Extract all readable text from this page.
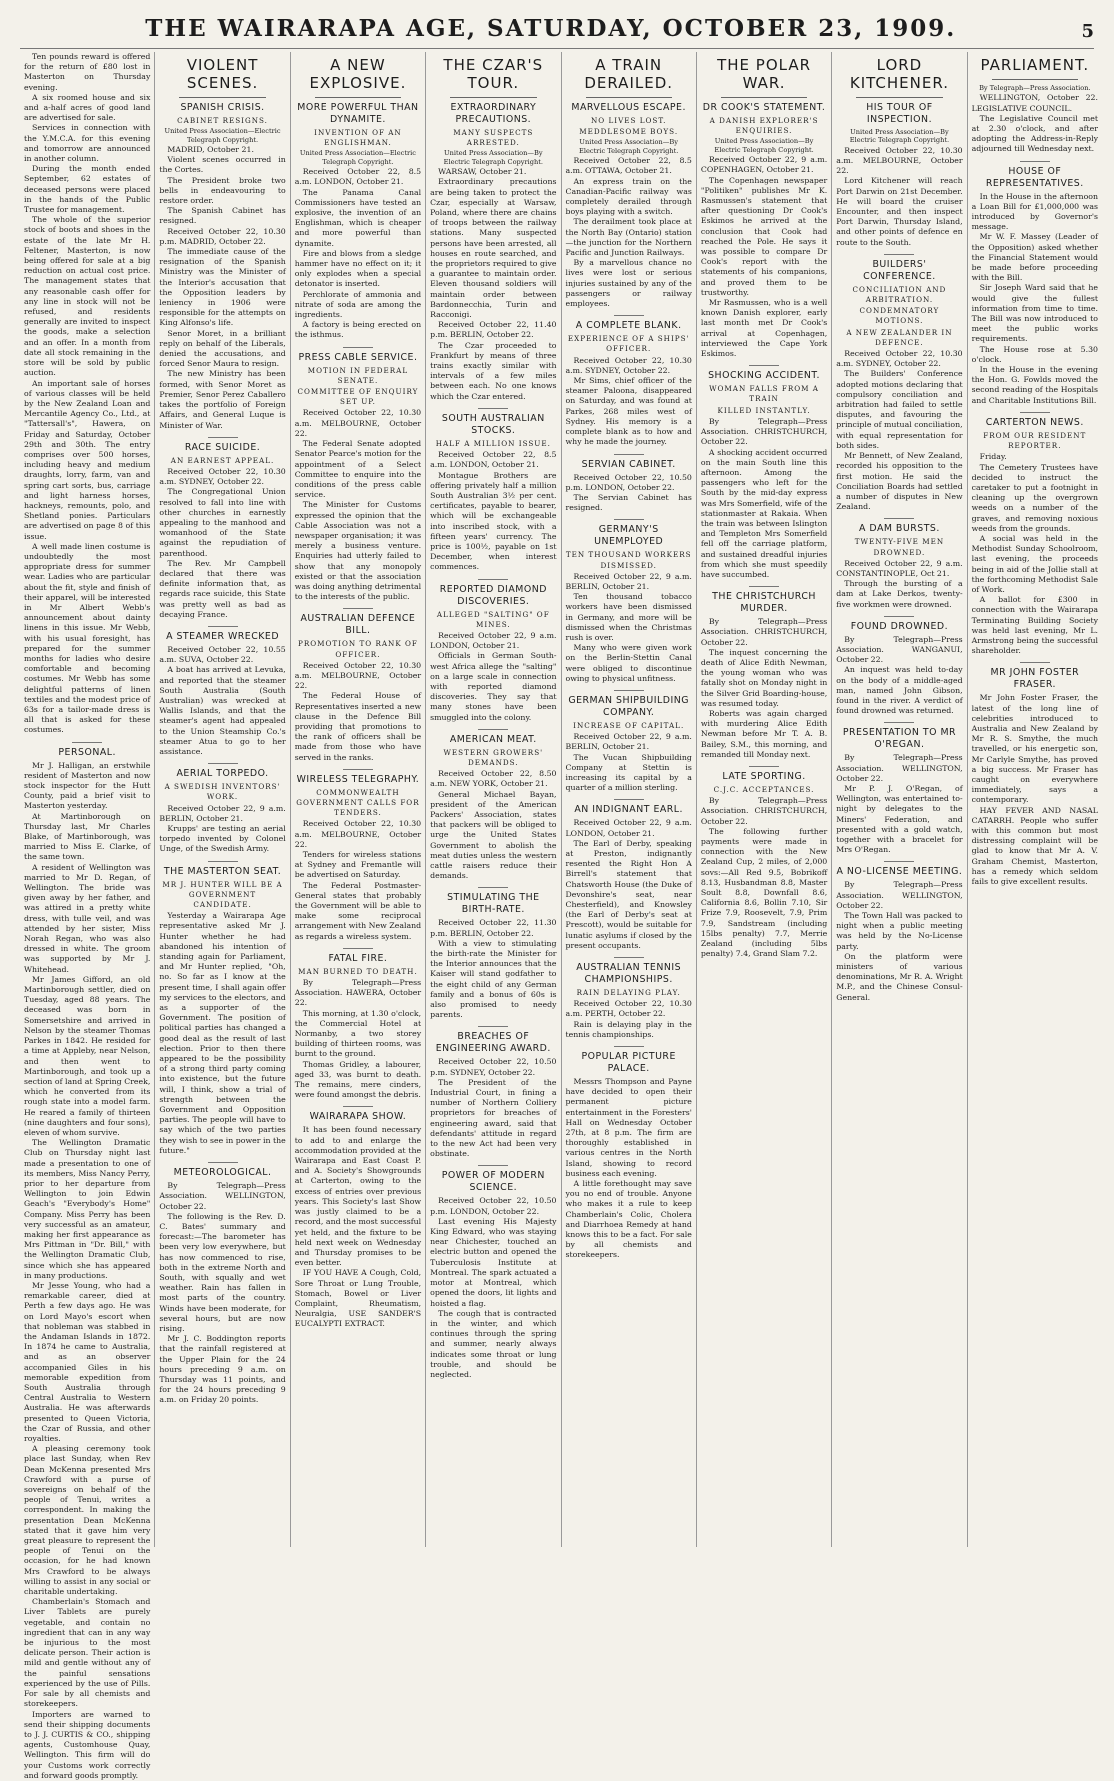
THE WAIRARAPA AGE, SATURDAY, OCTOBER 23, 1909.	5

Ten pounds reward is offered for the return of £80 lost in Masterton on Thursday evening.

A six roomed house and six and a-half acres of good land are advertised for sale.

Services in connection with the Y.M.C.A. for this evening and tomorrow are announced in another column.

During the month ended September, 62 estates of deceased persons were placed in the hands of the Public Trustee for management.

The whole of the superior stock of boots and shoes in the estate of the late Mr H. Feltener, Masterton, is now being offered for sale at a big reduction on actual cost price. The management states that any reasonable cash offer for any line in stock will not be refused, and residents generally are invited to inspect the goods, make a selection and an offer. In a month from date all stock remaining in the store will be sold by public auction.

An important sale of horses of various classes will be held by the New Zealand Loan and Mercantile Agency Co., Ltd., at "Tattersall's", Hawera, on Friday and Saturday, October 29th and 30th. The entry comprises over 500 horses, including heavy and medium draughts, lorry, farm, van and spring cart sorts, bus, carriage and light harness horses, hackneys, remounts, polo, and Shetland ponies. Particulars are advertised on page 8 of this issue.

A well made linen costume is undoubtedly the most appropriate dress for summer wear. Ladies who are particular about the fit, style and finish of their apparel, will be interested in Mr Albert Webb's announcement about dainty linens in this issue. Mr Webb, with his usual foresight, has prepared for the summer months for ladies who desire comfortable and becoming costumes. Mr Webb has some delightful patterns of linen textiles and the modest price of 63s for a tailor-made dress is all that is asked for these costumes.

PERSONAL.

Mr J. Halligan, an erstwhile resident of Masterton and now stock inspector for the Hutt County, paid a brief visit to Masterton yesterday.

At Martinborough on Thursday last, Mr Charles Blake, of Martinborough, was married to Miss E. Clarke, of the same town.

A resident of Wellington was married to Mr D. Regan, of Wellington. The bride was given away by her father, and was attired in a pretty white dress, with tulle veil, and was attended by her sister, Miss Norah Regan, who was also dressed in white. The groom was supported by Mr J. Whitehead.

Mr James Gifford, an old Martinborough settler, died on Tuesday, aged 88 years. The deceased was born in Somersetshire and arrived in Nelson by the steamer Thomas Parkes in 1842. He resided for a time at Appleby, near Nelson, and then went to Martinborough, and took up a section of land at Spring Creek, which he converted from its rough state into a model farm. He reared a family of thirteen (nine daughters and four sons), eleven of whom survive.

The Wellington Dramatic Club on Thursday night last made a presentation to one of its members, Miss Nancy Perry, prior to her departure from Wellington to join Edwin Geach's "Everybody's Home" Company. Miss Perry has been very successful as an amateur, making her first appearance as Mrs Pittman in "Dr. Bill," with the Wellington Dramatic Club, since which she has appeared in many productions.

Mr Jesse Young, who had a remarkable career, died at Perth a few days ago. He was on Lord Mayo's escort when that nobleman was stabbed in the Andaman Islands in 1872. In 1874 he came to Australia, and as an observer accompanied Giles in his memorable expedition from South Australia through Central Australia to Western Australia. He was afterwards presented to Queen Victoria, the Czar of Russia, and other royalties.

A pleasing ceremony took place last Sunday, when Rev Dean McKenna presented Mrs Crawford with a purse of sovereigns on behalf of the people of Tenui, writes a correspondent. In making the presentation Dean McKenna stated that it gave him very great pleasure to represent the people of Tenui on the occasion, for he had known Mrs Crawford to be always willing to assist in any social or charitable undertaking.

Chamberlain's Stomach and Liver Tablets are purely vegetable, and contain no ingredient that can in any way be injurious to the most delicate person. Their action is mild and gentle without any of the painful sensations experienced by the use of Pills. For sale by all chemists and storekeepers.

Importers are warned to send their shipping documents to J. J. CURTIS & CO., shipping agents, Customhouse Quay, Wellington. This firm will do your Customs work correctly and forward goods promptly.

VIOLENT SCENES.
SPANISH CRISIS.
CABINET RESIGNS.
United Press Association—Electric Telegraph Copyright.

MADRID, October 21.

Violent scenes occurred in the Cortes.

The President broke two bells in endeavouring to restore order.

The Spanish Cabinet has resigned.

Received October 22, 10.30 p.m. MADRID, October 22.

The immediate cause of the resignation of the Spanish Ministry was the Minister of the Interior's accusation that the Opposition leaders by leniency in 1906 were responsible for the attempts on King Alfonso's life.

Senor Moret, in a brilliant reply on behalf of the Liberals, denied the accusations, and forced Senor Maura to resign.

The new Ministry has been formed, with Senor Moret as Premier, Senor Perez Caballero takes the portfolio of Foreign Affairs, and General Luque is Minister of War.

RACE SUICIDE.
AN EARNEST APPEAL.

Received October 22, 10.30 a.m. SYDNEY, October 22.

The Congregational Union resolved to fall into line with other churches in earnestly appealing to the manhood and womanhood of the State against the repudiation of parenthood.

The Rev. Mr Campbell declared that there was definite information that, as regards race suicide, this State was pretty well as bad as decaying France.

A STEAMER WRECKED

Received October 22, 10.55 a.m. SUVA, October 22.

A boat has arrived at Levuka, and reported that the steamer South Australia (South Australian) was wrecked at Wallis Islands, and that the steamer's agent had appealed to the Union Steamship Co.'s steamer Atua to go to her assistance.

AERIAL TORPEDO.
A SWEDISH INVENTORS' WORK.

Received October 22, 9 a.m. BERLIN, October 21.

Krupps' are testing an aerial torpedo invented by Colonel Unge, of the Swedish Army.

THE MASTERTON SEAT.
MR J. HUNTER WILL BE A GOVERNMENT CANDIDATE.

Yesterday a Wairarapa Age representative asked Mr J. Hunter whether he had abandoned his intention of standing again for Parliament, and Mr Hunter replied, "Oh, no. So far as I know at the present time, I shall again offer my services to the electors, and as a supporter of the Government. The position of political parties has changed a good deal as the result of last election. Prior to then there appeared to be the possibility of a strong third party coming into existence, but the future will, I think, show a trial of strength between the Government and Opposition parties. The people will have to say which of the two parties they wish to see in power in the future."

METEOROLOGICAL.

By Telegraph—Press Association. WELLINGTON, October 22.

The following is the Rev. D. C. Bates' summary and forecast:—The barometer has been very low everywhere, but has now commenced to rise, both in the extreme North and South, with squally and wet weather. Rain has fallen in most parts of the country. Winds have been moderate, for several hours, but are now rising.

Mr J. C. Boddington reports that the rainfall registered at the Upper Plain for the 24 hours preceding 9 a.m. on Thursday was 11 points, and for the 24 hours preceding 9 a.m. on Friday 20 points.

A NEW EXPLOSIVE.
MORE POWERFUL THAN DYNAMITE.
INVENTION OF AN ENGLISHMAN.
United Press Association—Electric Telegraph Copyright.

Received October 22, 8.5 a.m. LONDON, October 21.

The Panama Canal Commissioners have tested an explosive, the invention of an Englishman, which is cheaper and more powerful than dynamite.

Fire and blows from a sledge hammer have no effect on it; it only explodes when a special detonator is inserted.

Perchlorate of ammonia and nitrate of soda are among the ingredients.

A factory is being erected on the isthmus.

PRESS CABLE SERVICE.
MOTION IN FEDERAL SENATE.
COMMITTEE OF ENQUIRY SET UP.

Received October 22, 10.30 a.m. MELBOURNE, October 22.

The Federal Senate adopted Senator Pearce's motion for the appointment of a Select Committee to enquire into the conditions of the press cable service.

The Minister for Customs expressed the opinion that the Cable Association was not a newspaper organisation; it was merely a business venture. Enquiries had utterly failed to show that any monopoly existed or that the association was doing anything detrimental to the interests of the public.

AUSTRALIAN DEFENCE BILL.
PROMOTION TO RANK OF OFFICER.

Received October 22, 10.30 a.m. MELBOURNE, October 22.

The Federal House of Representatives inserted a new clause in the Defence Bill providing that promotions to the rank of officers shall be made from those who have served in the ranks.

WIRELESS TELEGRAPHY.
COMMONWEALTH GOVERNMENT CALLS FOR TENDERS.

Received October 22, 10.30 a.m. MELBOURNE, October 22.

Tenders for wireless stations at Sydney and Fremantle will be advertised on Saturday.

The Federal Postmaster-General states that probably the Government will be able to make some reciprocal arrangement with New Zealand as regards a wireless system.

FATAL FIRE.
MAN BURNED TO DEATH.

By Telegraph—Press Association. HAWERA, October 22.

This morning, at 1.30 o'clock, the Commercial Hotel at Normanby, a two storey building of thirteen rooms, was burnt to the ground.

Thomas Gridley, a labourer, aged 33, was burnt to death. The remains, mere cinders, were found amongst the debris.

WAIRARAPA SHOW.

It has been found necessary to add to and enlarge the accommodation provided at the Wairarapa and East Coast P. and A. Society's Showgrounds at Carterton, owing to the excess of entries over previous years. This Society's last Show was justly claimed to be a record, and the most successful yet held, and the fixture to be held next week on Wednesday and Thursday promises to be even better.

IF YOU HAVE A Cough, Cold, Sore Throat or Lung Trouble, Stomach, Bowel or Liver Complaint, Rheumatism, Neuralgia, USE SANDER'S EUCALYPTI EXTRACT.

THE CZAR'S TOUR.
EXTRAORDINARY PRECAUTIONS.
MANY SUSPECTS ARRESTED.
United Press Association—By Electric Telegraph Copyright.

WARSAW, October 21.

Extraordinary precautions are being taken to protect the Czar, especially at Warsaw, Poland, where there are chains of troops between the railway stations. Many suspected persons have been arrested, all houses en route searched, and the proprietors required to give a guarantee to maintain order. Eleven thousand soldiers will maintain order between Bardonnecchia, Turin and Racconigi.

Received October 22, 11.40 p.m. BERLIN, October 22.

The Czar proceeded to Frankfurt by means of three trains exactly similar with intervals of a few miles between each. No one knows which the Czar entered.

SOUTH AUSTRALIAN STOCKS.
HALF A MILLION ISSUE.

Received October 22, 8.5 a.m. LONDON, October 21.

Montague Brothers are offering privately half a million South Australian 3½ per cent. certificates, payable to bearer, which will be exchangeable into inscribed stock, with a fifteen years' currency. The price is 100½, payable on 1st December, when interest commences.

REPORTED DIAMOND DISCOVERIES.
ALLEGED "SALTING" OF MINES.

Received October 22, 9 a.m. LONDON, October 21.

Officials in German South-west Africa allege the "salting" on a large scale in connection with reported diamond discoveries. They say that many stones have been smuggled into the colony.

AMERICAN MEAT.
WESTERN GROWERS' DEMANDS.

Received October 22, 8.50 a.m. NEW YORK, October 21.

General Michael Bayan, president of the American Packers' Association, states that packers will be obliged to urge the United States Government to abolish the meat duties unless the western cattle raisers reduce their demands.

STIMULATING THE BIRTH-RATE.

Received October 22, 11.30 p.m. BERLIN, October 22.

With a view to stimulating the birth-rate the Minister for the Interior announces that the Kaiser will stand godfather to the eight child of any German family and a bonus of 60s is also promised to needy parents.

BREACHES OF ENGINEERING AWARD.

Received October 22, 10.50 p.m. SYDNEY, October 22.

The President of the Industrial Court, in fining a number of Northern Colliery proprietors for breaches of engineering award, said that defendants' attitude in regard to the new Act had been very obstinate.

POWER OF MODERN SCIENCE.

Received October 22, 10.50 p.m. LONDON, October 22.

Last evening His Majesty King Edward, who was staying near Chichester, touched an electric button and opened the Tuberculosis Institute at Montreal. The spark actuated a motor at Montreal, which opened the doors, lit lights and hoisted a flag.

The cough that is contracted in the winter, and which continues through the spring and summer, nearly always indicates some throat or lung trouble, and should be neglected.

A TRAIN DERAILED.
MARVELLOUS ESCAPE.
NO LIVES LOST.
MEDDLESOME BOYS.
United Press Association—By Electric Telegraph Copyright.

Received October 22, 8.5 a.m. OTTAWA, October 21.

An express train on the Canadian-Pacific railway was completely derailed through boys playing with a switch.

The derailment took place at the North Bay (Ontario) station—the junction for the Northern Pacific and Junction Railways.

By a marvellous chance no lives were lost or serious injuries sustained by any of the passengers or railway employees.

A COMPLETE BLANK.
EXPERIENCE OF A SHIPS' OFFICER.

Received October 22, 10.30 a.m. SYDNEY, October 22.

Mr Sims, chief officer of the steamer Paloona, disappeared on Saturday, and was found at Parkes, 268 miles west of Sydney. His memory is a complete blank as to how and why he made the journey.

SERVIAN CABINET.

Received October 22, 10.50 p.m. LONDON, October 22.

The Servian Cabinet has resigned.

GERMANY'S UNEMPLOYED
TEN THOUSAND WORKERS DISMISSED.

Received October 22, 9 a.m. BERLIN, October 21.

Ten thousand tobacco workers have been dismissed in Germany, and more will be dismissed when the Christmas rush is over.

Many who were given work on the Berlin-Stettin Canal were obliged to discontinue owing to physical unfitness.

GERMAN SHIPBUILDING COMPANY.
INCREASE OF CAPITAL.

Received October 22, 9 a.m. BERLIN, October 21.

The Vucan Shipbuilding Company at Stettin is increasing its capital by a quarter of a million sterling.

AN INDIGNANT EARL.

Received October 22, 9 a.m. LONDON, October 21.

The Earl of Derby, speaking at Preston, indignantly resented the Right Hon A Birrell's statement that Chatsworth House (the Duke of Devonshire's seat, near Chesterfield), and Knowsley (the Earl of Derby's seat at Prescott), would be suitable for lunatic asylums if closed by the present occupants.

AUSTRALIAN TENNIS CHAMPIONSHIPS.
RAIN DELAYING PLAY.

Received October 22, 10.30 a.m. PERTH, October 22.

Rain is delaying play in the tennis championships.

POPULAR PICTURE PALACE.

Messrs Thompson and Payne have decided to open their permanent picture entertainment in the Foresters' Hall on Wednesday October 27th, at 8 p.m. The firm are thoroughly established in various centres in the North Island, showing to record business each evening.

A little forethought may save you no end of trouble. Anyone who makes it a rule to keep Chamberlain's Colic, Cholera and Diarrhoea Remedy at hand knows this to be a fact. For sale by all chemists and storekeepers.

THE POLAR WAR.
DR COOK'S STATEMENT.
A DANISH EXPLORER'S ENQUIRIES.
United Press Association—By Electric Telegraph Copyright.

Received October 22, 9 a.m. COPENHAGEN, October 21.

The Copenhagen newspaper "Politiken" publishes Mr K. Rasmussen's statement that after questioning Dr Cook's Eskimos he arrived at the conclusion that Cook had reached the Pole. He says it was possible to compare Dr Cook's report with the statements of his companions, and proved them to be trustworthy.

Mr Rasmussen, who is a well known Danish explorer, early last month met Dr Cook's arrival at Copenhagen, interviewed the Cape York Eskimos.

SHOCKING ACCIDENT.
WOMAN FALLS FROM A TRAIN
KILLED INSTANTLY.

By Telegraph—Press Association. CHRISTCHURCH, October 22.

A shocking accident occurred on the main South line this afternoon. Among the passengers who left for the South by the mid-day express was Mrs Somerfield, wife of the stationmaster at Rakaia. When the train was between Islington and Templeton Mrs Somerfield fell off the carriage platform, and sustained dreadful injuries from which she must speedily have succumbed.

THE CHRISTCHURCH MURDER.

By Telegraph—Press Association. CHRISTCHURCH, October 22.

The inquest concerning the death of Alice Edith Newman, the young woman who was fatally shot on Monday night in the Silver Grid Boarding-house, was resumed today.

Roberts was again charged with murdering Alice Edith Newman before Mr T. A. B. Bailey, S.M., this morning, and remanded till Monday next.

LATE SPORTING.
C.J.C. ACCEPTANCES.

By Telegraph—Press Association. CHRISTCHURCH, October 22.

The following further payments were made in connection with the New Zealand Cup, 2 miles, of 2,000 sovs:—All Red 9.5, Bobrikoff 8.13, Husbandman 8.8, Master Soult 8.8, Downfall 8.6, California 8.6, Bollin 7.10, Sir Frize 7.9, Roosevelt, 7.9, Prim 7.9, Sandstream (including 15lbs penalty) 7.7, Merrie Zealand (including 5lbs penalty) 7.4, Grand Slam 7.2.

LORD KITCHENER.
HIS TOUR OF INSPECTION.
United Press Association—By Electric Telegraph Copyright.

Received October 22, 10.30 a.m. MELBOURNE, October 22.

Lord Kitchener will reach Port Darwin on 21st December. He will board the cruiser Encounter, and then inspect Port Darwin, Thursday Island, and other points of defence en route to the South.

BUILDERS' CONFERENCE.
CONCILIATION AND ARBITRATION.
CONDEMNATORY MOTIONS.
A NEW ZEALANDER IN DEFENCE.

Received October 22, 10.30 a.m. SYDNEY, October 22.

The Builders' Conference adopted motions declaring that compulsory conciliation and arbitration had failed to settle disputes, and favouring the principle of mutual conciliation, with equal representation for both sides.

Mr Bennett, of New Zealand, recorded his opposition to the first motion. He said the Conciliation Boards had settled a number of disputes in New Zealand.

A DAM BURSTS.
TWENTY-FIVE MEN DROWNED.

Received October 22, 9 a.m. CONSTANTINOPLE, Oct 21.

Through the bursting of a dam at Lake Derkos, twenty-five workmen were drowned.

FOUND DROWNED.

By Telegraph—Press Association. WANGANUI, October 22.

An inquest was held to-day on the body of a middle-aged man, named John Gibson, found in the river. A verdict of found drowned was returned.

PRESENTATION TO MR O'REGAN.

By Telegraph—Press Association. WELLINGTON, October 22.

Mr P. J. O'Regan, of Wellington, was entertained to-night by delegates to the Miners' Federation, and presented with a gold watch, together with a bracelet for Mrs O'Regan.

A NO-LICENSE MEETING.

By Telegraph—Press Association. WELLINGTON, October 22.

The Town Hall was packed to night when a public meeting was held by the No-License party.

On the platform were ministers of various denominations, Mr R. A. Wright M.P., and the Chinese Consul-General.

PARLIAMENT.
By Telegraph—Press Association.

WELLINGTON, October 22. LEGISLATIVE COUNCIL.

The Legislative Council met at 2.30 o'clock, and after adopting the Address-in-Reply adjourned till Wednesday next.

HOUSE OF REPRESENTATIVES.

In the House in the afternoon a Loan Bill for £1,000,000 was introduced by Governor's message.

Mr W. F. Massey (Leader of the Opposition) asked whether the Financial Statement would be made before proceeding with the Bill.

Sir Joseph Ward said that he would give the fullest information from time to time. The Bill was now introduced to meet the public works requirements.

The House rose at 5.30 o'clock.

In the House in the evening the Hon. G. Fowlds moved the second reading of the Hospitals and Charitable Institutions Bill.

CARTERTON NEWS.
FROM OUR RESIDENT REPORTER.

Friday.

The Cemetery Trustees have decided to instruct the caretaker to put a footnight in cleaning up the overgrown weeds on a number of the graves, and removing noxious weeds from the grounds.

A social was held in the Methodist Sunday Schoolroom, last evening, the proceeds being in aid of the Jollie stall at the forthcoming Methodist Sale of Work.

A ballot for £300 in connection with the Wairarapa Terminating Building Society was held last evening, Mr L. Armstrong being the successful shareholder.

MR JOHN FOSTER FRASER.

Mr John Foster Fraser, the latest of the long line of celebrities introduced to Australia and New Zealand by Mr R. S. Smythe, the much travelled, or his energetic son, Mr Carlyle Smythe, has proved a big success. Mr Fraser has caught on everywhere immediately, says a contemporary.

HAY FEVER AND NASAL CATARRH. People who suffer with this common but most distressing complaint will be glad to know that Mr A. V. Graham Chemist, Masterton, has a remedy which seldom fails to give excellent results.
